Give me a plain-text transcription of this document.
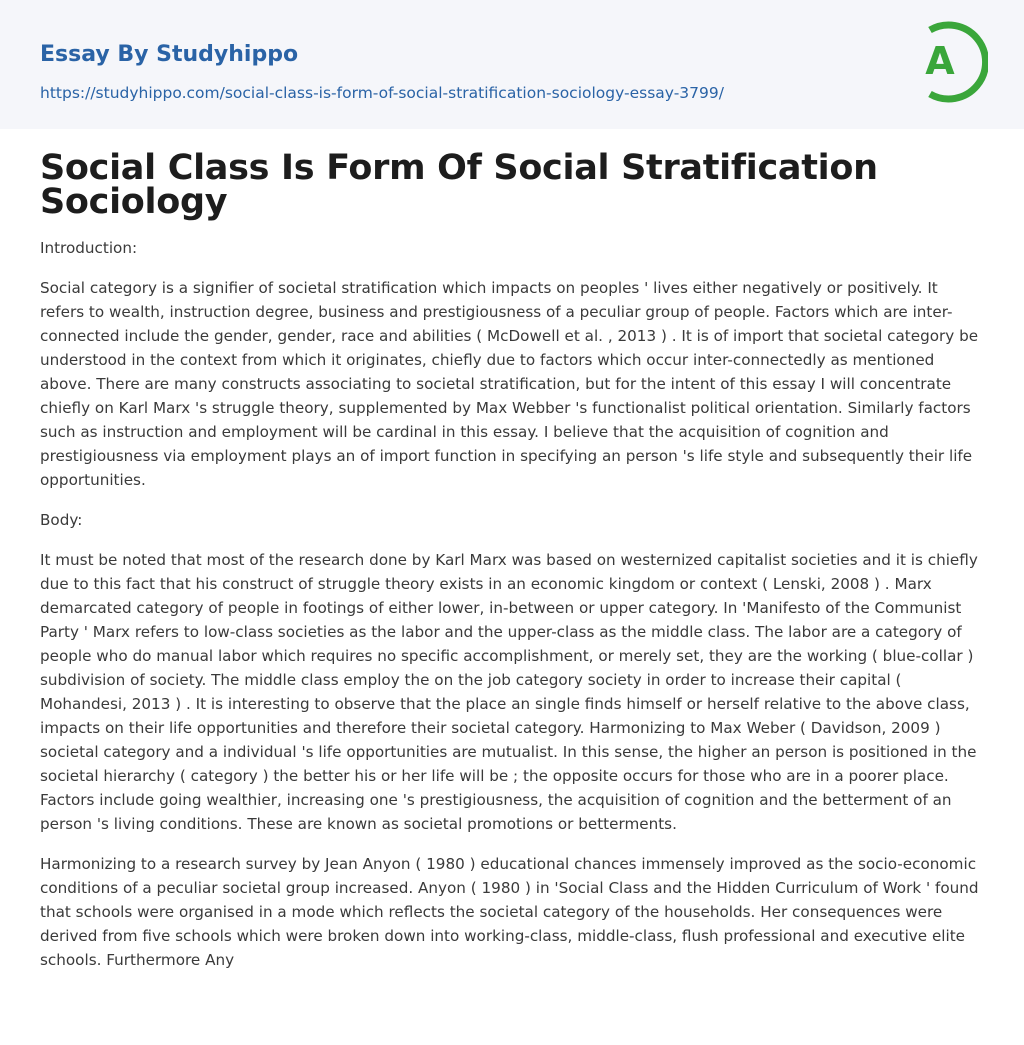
Essay By Studyhippo
https://studyhippo.com/social-class-is-form-of-social-stratification-sociology-essay-3799/
A
Social Class Is Form Of Social Stratification Sociology

Introduction:

Social category is a signifier of societal stratification which impacts on peoples ' lives either negatively or positively. It refers to wealth, instruction degree, business and prestigiousness of a peculiar group of people. Factors which are inter-connected include the gender, gender, race and abilities ( McDowell et al. , 2013 ) . It is of import that societal category be understood in the context from which it originates, chiefly due to factors which occur inter-connectedly as mentioned above. There are many constructs associating to societal stratification, but for the intent of this essay I will concentrate chiefly on Karl Marx 's struggle theory, supplemented by Max Webber 's functionalist political orientation. Similarly factors such as instruction and employment will be cardinal in this essay. I believe that the acquisition of cognition and prestigiousness via employment plays an of import function in specifying an person 's life style and subsequently their life opportunities.

Body:

It must be noted that most of the research done by Karl Marx was based on westernized capitalist societies and it is chiefly due to this fact that his construct of struggle theory exists in an economic kingdom or context ( Lenski, 2008 ) . Marx demarcated category of people in footings of either lower, in-between or upper category. In 'Manifesto of the Communist Party ' Marx refers to low-class societies as the labor and the upper-class as the middle class. The labor are a category of people who do manual labor which requires no specific accomplishment, or merely set, they are the working ( blue-collar ) subdivision of society. The middle class employ the on the job category society in order to increase their capital ( Mohandesi, 2013 ) . It is interesting to observe that the place an single finds himself or herself relative to the above class, impacts on their life opportunities and therefore their societal category. Harmonizing to Max Weber ( Davidson, 2009 ) societal category and a individual 's life opportunities are mutualist. In this sense, the higher an person is positioned in the societal hierarchy ( category ) the better his or her life will be ; the opposite occurs for those who are in a poorer place. Factors include going wealthier, increasing one 's prestigiousness, the acquisition of cognition and the betterment of an person 's living conditions. These are known as societal promotions or betterments.

Harmonizing to a research survey by Jean Anyon ( 1980 ) educational chances immensely improved as the socio-economic conditions of a peculiar societal group increased. Anyon ( 1980 ) in 'Social Class and the Hidden Curriculum of Work ' found that schools were organised in a mode which reflects the societal category of the households. Her consequences were derived from five schools which were broken down into working-class, middle-class, flush professional and executive elite schools. Furthermore Any
